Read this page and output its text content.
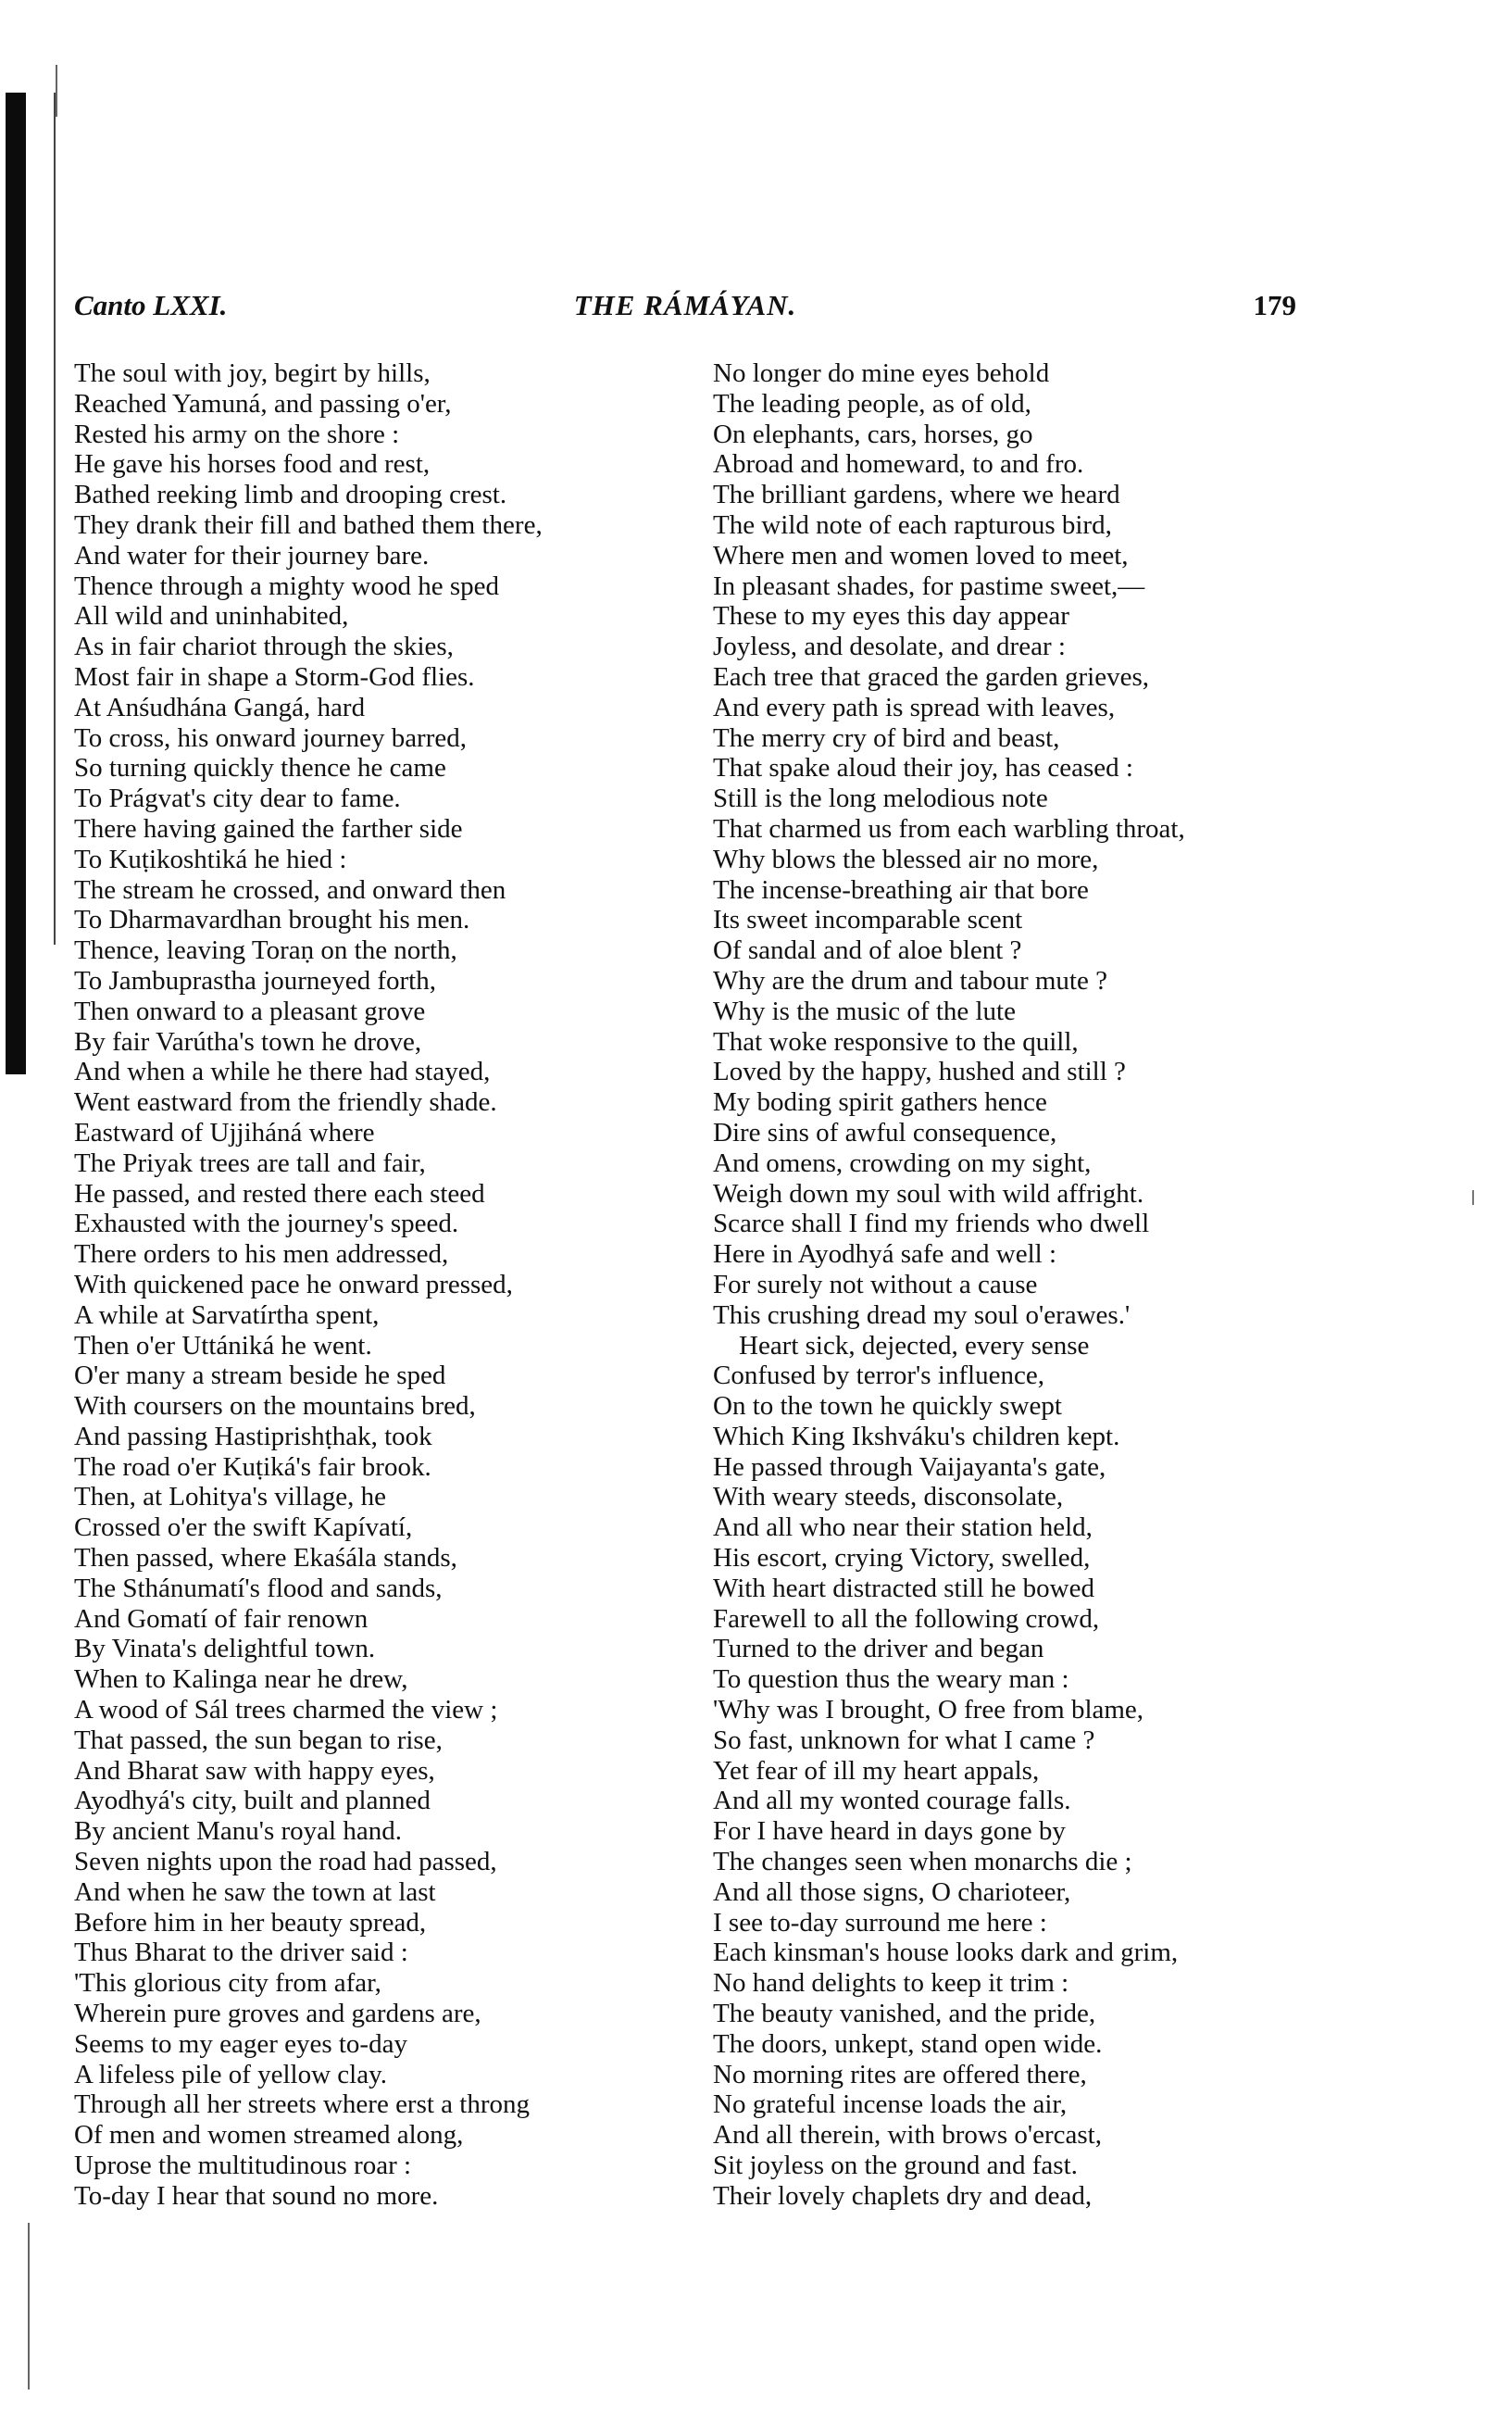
Canto LXXI.	THE RÁMÁYAN.	179
The soul with joy, begirt by hills,
Reached Yamuná, and passing o'er,
Rested his army on the shore :
He gave his horses food and rest,
Bathed reeking limb and drooping crest.
They drank their fill and bathed them there,
And water for their journey bare.
Thence through a mighty wood he sped
All wild and uninhabited,
As in fair chariot through the skies,
Most fair in shape a Storm-God flies.
At Anśudhána Gangá, hard
To cross, his onward journey barred,
So turning quickly thence he came
To Prágvat's city dear to fame.
There having gained the farther side
To Kuṭikoshtiká he hied :
The stream he crossed, and onward then
To Dharmavardhan brought his men.
Thence, leaving Toraṇ on the north,
To Jambuprastha journeyed forth,
Then onward to a pleasant grove
By fair Varútha's town he drove,
And when a while he there had stayed,
Went eastward from the friendly shade.
Eastward of Ujjiháná where
The Priyak trees are tall and fair,
He passed, and rested there each steed
Exhausted with the journey's speed.
There orders to his men addressed,
With quickened pace he onward pressed,
A while at Sarvatírtha spent,
Then o'er Uttániká he went.
O'er many a stream beside he sped
With coursers on the mountains bred,
And passing Hastiprishṭhak, took
The road o'er Kuṭiká's fair brook.
Then, at Lohitya's village, he
Crossed o'er the swift Kapívatí,
Then passed, where Ekaśála stands,
The Sthánumatí's flood and sands,
And Gomatí of fair renown
By Vinata's delightful town.
When to Kalinga near he drew,
A wood of Sál trees charmed the view ;
That passed, the sun began to rise,
And Bharat saw with happy eyes,
Ayodhyá's city, built and planned
By ancient Manu's royal hand.
Seven nights upon the road had passed,
And when he saw the town at last
Before him in her beauty spread,
Thus Bharat to the driver said :
'This glorious city from afar,
Wherein pure groves and gardens are,
Seems to my eager eyes to-day
A lifeless pile of yellow clay.
Through all her streets where erst a throng
Of men and women streamed along,
Uprose the multitudinous roar :
To-day I hear that sound no more.
No longer do mine eyes behold
The leading people, as of old,
On elephants, cars, horses, go
Abroad and homeward, to and fro.
The brilliant gardens, where we heard
The wild note of each rapturous bird,
Where men and women loved to meet,
In pleasant shades, for pastime sweet,—
These to my eyes this day appear
Joyless, and desolate, and drear :
Each tree that graced the garden grieves,
And every path is spread with leaves,
The merry cry of bird and beast,
That spake aloud their joy, has ceased :
Still is the long melodious note
That charmed us from each warbling throat,
Why blows the blessed air no more,
The incense-breathing air that bore
Its sweet incomparable scent
Of sandal and of aloe blent ?
Why are the drum and tabour mute ?
Why is the music of the lute
That woke responsive to the quill,
Loved by the happy, hushed and still ?
My boding spirit gathers hence
Dire sins of awful consequence,
And omens, crowding on my sight,
Weigh down my soul with wild affright.
Scarce shall I find my friends who dwell
Here in Ayodhyá safe and well :
For surely not without a cause
This crushing dread my soul o'erawes.'
Heart sick, dejected, every sense
Confused by terror's influence,
On to the town he quickly swept
Which King Ikshváku's children kept.
He passed through Vaijayanta's gate,
With weary steeds, disconsolate,
And all who near their station held,
His escort, crying Victory, swelled,
With heart distracted still he bowed
Farewell to all the following crowd,
Turned to the driver and began
To question thus the weary man :
'Why was I brought, O free from blame,
So fast, unknown for what I came ?
Yet fear of ill my heart appals,
And all my wonted courage falls.
For I have heard in days gone by
The changes seen when monarchs die ;
And all those signs, O charioteer,
I see to-day surround me here :
Each kinsman's house looks dark and grim,
No hand delights to keep it trim :
The beauty vanished, and the pride,
The doors, unkept, stand open wide.
No morning rites are offered there,
No grateful incense loads the air,
And all therein, with brows o'ercast,
Sit joyless on the ground and fast.
Their lovely chaplets dry and dead,
